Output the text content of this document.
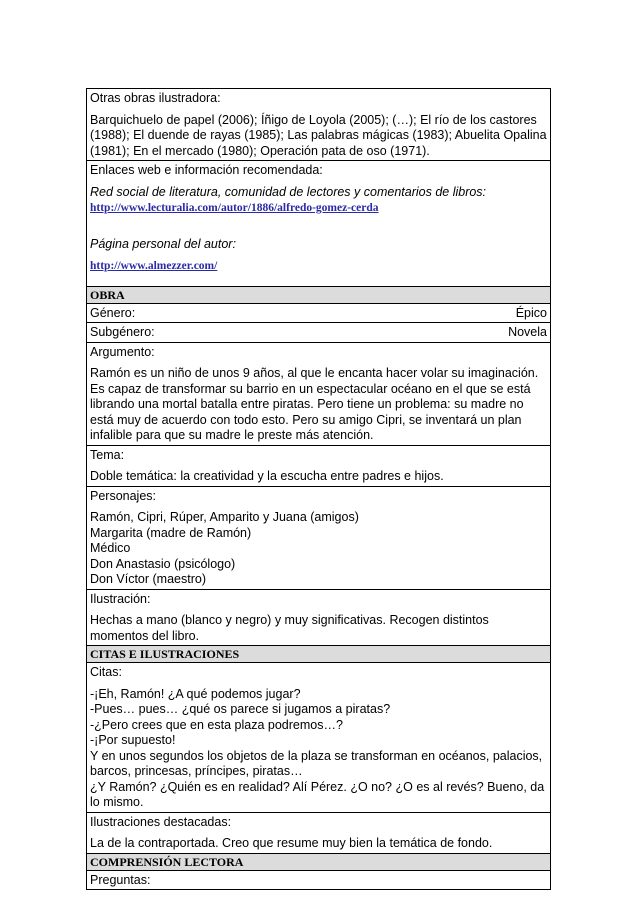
Otras obras ilustradora:
Barquichuelo de papel (2006); Íñigo de Loyola (2005); (…); El río de los castores (1988); El duende de rayas (1985); Las palabras mágicas (1983); Abuelita Opalina (1981); En el mercado (1980); Operación pata de oso (1971).

Enlaces web e información recomendada:
Red social de literatura, comunidad de lectores y comentarios de libros:
http://www.lecturalia.com/autor/1886/alfredo-gomez-cerda
Página personal del autor:
http://www.almezzer.com/

OBRA

Género:	Épico

Subgénero:	Novela

Argumento:
Ramón es un niño de unos 9 años, al que le encanta hacer volar su imaginación. Es capaz de transformar su barrio en un espectacular océano en el que se está librando una mortal batalla entre piratas. Pero tiene un problema: su madre no está muy de acuerdo con todo esto. Pero su amigo Cipri, se inventará un plan infalible para que su madre le preste más atención.

Tema:
Doble temática: la creatividad y la escucha entre padres e hijos.

Personajes:
Ramón, Cipri, Rúper, Amparito y Juana (amigos)
Margarita (madre de Ramón)
Médico
Don Anastasio (psicólogo)
Don Víctor (maestro)

Ilustración:
Hechas a mano (blanco y negro) y muy significativas. Recogen distintos momentos del libro.

CITAS E ILUSTRACIONES

Citas:
-¡Eh, Ramón! ¿A qué podemos jugar?
-Pues… pues… ¿qué os parece si jugamos a piratas?
-¿Pero crees que en esta plaza podremos…?
-¡Por supuesto!
Y en unos segundos los objetos de la plaza se transforman en océanos, palacios, barcos, princesas, príncipes, piratas…
¿Y Ramón? ¿Quién es en realidad? Alí Pérez. ¿O no? ¿O es al revés? Bueno, da lo mismo.

Ilustraciones destacadas:
La de la contraportada. Creo que resume muy bien la temática de fondo.

COMPRENSIÓN LECTORA
Preguntas:
